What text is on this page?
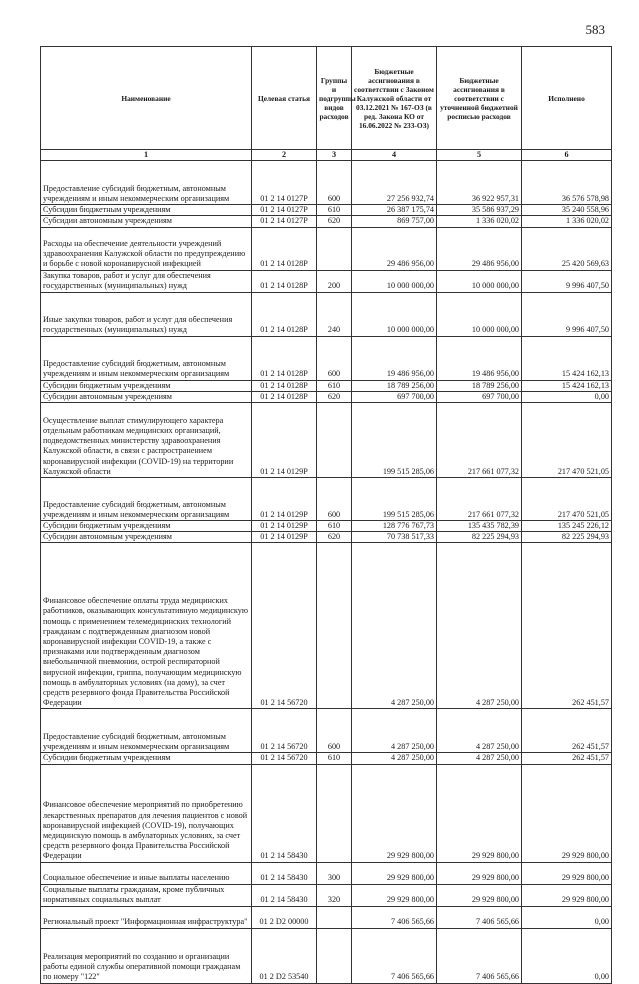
583
Наименование	Целевая статья	Группы и подгруппы видов расходов	Бюджетные ассигнования в соответствии с Законом Калужской области от 03.12.2021 № 167-ОЗ (в ред. Закона КО от 16.06.2022 № 233-ОЗ)	Бюджетные ассигнования в соответствии с уточненной бюджетной росписью расходов	Исполнено
1	2	3	4	5	6
Предоставление субсидий бюджетным, автономным учреждениям и иным некоммерческим организациям	01 2 14 0127Р	600	27 256 932,74	36 922 957,31	36 576 578,98
Субсидии бюджетным учреждениям	01 2 14 0127Р	610	26 387 175,74	35 586 937,29	35 240 558,96
Субсидии автономным учреждениям	01 2 14 0127Р	620	869 757,00	1 336 020,02	1 336 020,02
Расходы на обеспечение деятельности учреждений здравоохранения Калужской области по предупреждению и борьбе с новой коронавирусной инфекцией	01 2 14 0128Р		29 486 956,00	29 486 956,00	25 420 569,63
Закупка товаров, работ и услуг для обеспечения государственных (муниципальных) нужд	01 2 14 0128Р	200	10 000 000,00	10 000 000,00	9 996 407,50
Иные закупки товаров, работ и услуг для обеспечения государственных (муниципальных) нужд	01 2 14 0128Р	240	10 000 000,00	10 000 000,00	9 996 407,50
Предоставление субсидий бюджетным, автономным учреждениям и иным некоммерческим организациям	01 2 14 0128Р	600	19 486 956,00	19 486 956,00	15 424 162,13
Субсидии бюджетным учреждениям	01 2 14 0128Р	610	18 789 256,00	18 789 256,00	15 424 162,13
Субсидии автономным учреждениям	01 2 14 0128Р	620	697 700,00	697 700,00	0,00
Осуществление выплат стимулирующего характера отдельным работникам медицинских организаций, подведомственных министерству здравоохранения Калужской области, в связи с распространением коронавирусной инфекции (COVID-19) на территории Калужской области	01 2 14 0129Р		199 515 285,06	217 661 077,32	217 470 521,05
Предоставление субсидий бюджетным, автономным учреждениям и иным некоммерческим организациям	01 2 14 0129Р	600	199 515 285,06	217 661 077,32	217 470 521,05
Субсидии бюджетным учреждениям	01 2 14 0129Р	610	128 776 767,73	135 435 782,39	135 245 226,12
Субсидии автономным учреждениям	01 2 14 0129Р	620	70 738 517,33	82 225 294,93	82 225 294,93
Финансовое обеспечение оплаты труда медицинских работников, оказывающих консультативную медицинскую помощь с применением телемедицинских технологий гражданам с подтвержденным диагнозом новой коронавирусной инфекции COVID-19, а также с признаками или подтвержденным диагнозом внебольничной пневмонии, острой респираторной вирусной инфекции, гриппа, получающим медицинскую помощь в амбулаторных условиях (на дому), за счет средств резервного фонда Правительства Российской Федерации	01 2 14 56720		4 287 250,00	4 287 250,00	262 451,57
Предоставление субсидий бюджетным, автономным учреждениям и иным некоммерческим организациям	01 2 14 56720	600	4 287 250,00	4 287 250,00	262 451,57
Субсидии бюджетным учреждениям	01 2 14 56720	610	4 287 250,00	4 287 250,00	262 451,57
Финансовое обеспечение мероприятий по приобретению лекарственных препаратов для лечения пациентов с новой коронавирусной инфекцией (COVID-19), получающих медицинскую помощь в амбулаторных условиях, за счет средств резервного фонда Правительства Российской Федерации	01 2 14 58430		29 929 800,00	29 929 800,00	29 929 800,00
Социальное обеспечение и иные выплаты населению	01 2 14 58430	300	29 929 800,00	29 929 800,00	29 929 800,00
Социальные выплаты гражданам, кроме публичных нормативных социальных выплат	01 2 14 58430	320	29 929 800,00	29 929 800,00	29 929 800,00
Региональный проект "Информационная инфраструктура"	01 2 D2 00000		7 406 565,66	7 406 565,66	0,00
Реализация мероприятий по созданию и организации работы единой службы оперативной помощи гражданам по номеру "122"	01 2 D2 53540		7 406 565,66	7 406 565,66	0,00
